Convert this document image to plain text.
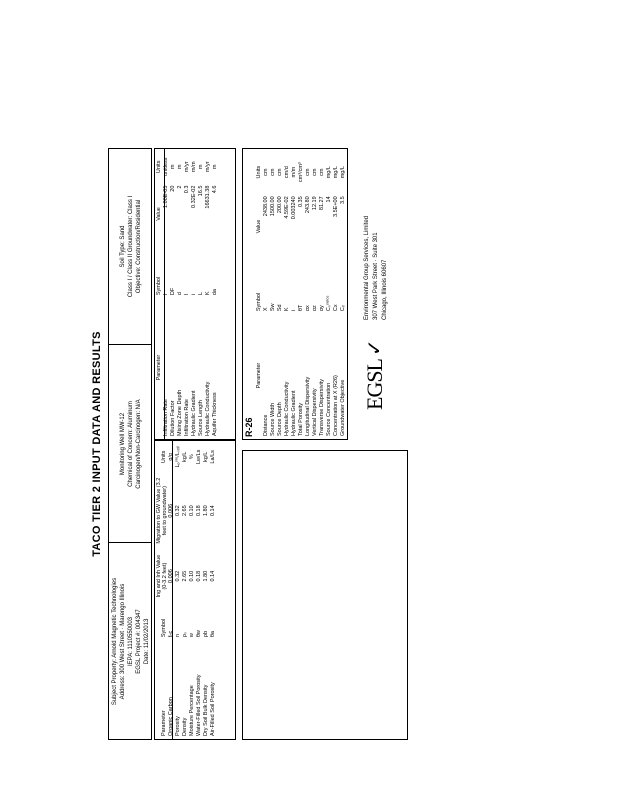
TACO TIER 2 INPUT DATA AND RESULTS
Subject Property: Arnold Magnetic Technologies Address: 300 West Street · Marengo Illinois IEPA: 1110550003 EGSL Project #: 004347 Date: 11/02/2013
Monitoring Well MW-12 Chemical of Concern: Aluminum Carcinogen/Non-Carcinogen: N/A
Soil Type: Sand Class I / Class II Groundwater: Class I Objective: Construction/Residential
Parameter	Symbol	Ing and Inh Value (0-3.2 feet)	Migration to GW Value (3.2 feet to groundwater)	Units
Organic Carbon	fₒc	0.006	0.006	g/g
Porosity	n	0.32	0.32	Lₚᵒʳᵉ/Lₛₒᵢₗ
Density	ρₛ	2.65	2.65	kg/L
Moisture Percentage	w	0.10	0.10	%
Water-Filled Soil Porosity	θw	0.18	0.18	Lw/Ls
Dry Soil Bulk Density	ρb	1.80	1.80	kg/L
Air-Filled Soil Porosity	θa	0.14	0.14	La/Ls
Parameter	Symbol	Value	Units
Infiltration Rate	I	1.00E-05	unitless
Dilution Factor	DF	20	m
Mixing Zone Depth	d	2	m
Infiltration Rate	I	0.3	m/yr
Hydraulic Gradient	i	0.32E-02	m/m
Source Length	L	16.5	m
Hydraulic Conductivity	K	16631.38	m/yr
Aquifer Thickness	da	4.6	m
R-26
Parameter	Symbol	Value	Units
Distance	X	2438.00	cm
Source Width	Sw	1500.00	cm
Source Depth	Sd	200.00	cm
Hydraulic Conductivity	K	4.59E-02	cm/d
Hydraulic Gradient	i	0.003240	m/m
Total Porosity	θT	0.35	cm³/cm³
Longitudinal Dispersivity	αx	243.80	cm
Vertical Dispersivity	αz	12.19	cm
Transverse Dispersivity	αy	81.27	cm
Source Concentration	Cₛᵒᵘʳᶜᵉ	14	mg/L
Concentration at X (R26)	Cx	3.5E+00	mg/L
Groundwater Objective	Cₒ	3.5	mg/L
EGSL
✓
Environmental Group Services, Limited 307 West Park Street · Suite 301 Chicago, Illinois 60607
